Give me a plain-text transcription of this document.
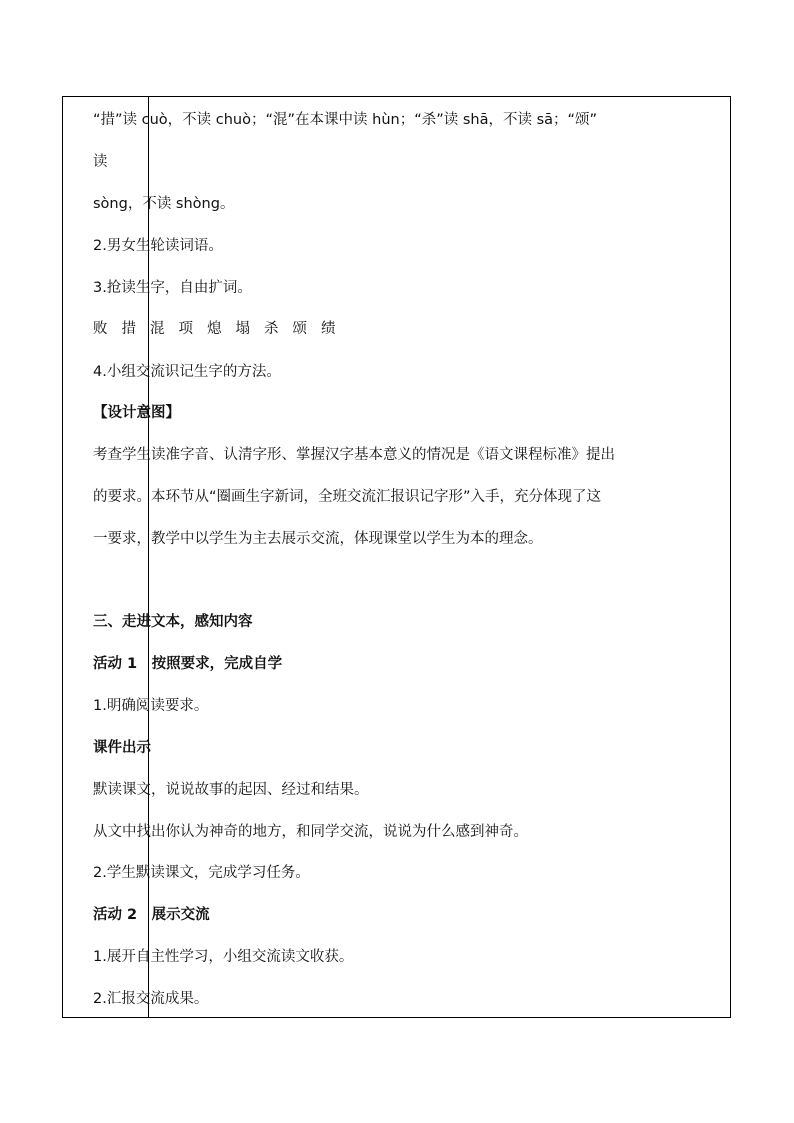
“措”读 cuò，不读 chuò；“混”在本课中读 hùn；“杀”读 shā，不读 sā；“颂”
读
sòng，不读 shòng。
2.男女生轮读词语。
3.抢读生字，自由扩词。
败 措 混 项 熄 塌 杀 颂 绩
4.小组交流识记生字的方法。
【设计意图】
考查学生读准字音、认清字形、掌握汉字基本意义的情况是《语文课程标准》提出
的要求。本环节从“圈画生字新词，全班交流汇报识记字形”入手，充分体现了这
一要求，教学中以学生为主去展示交流，体现课堂以学生为本的理念。
三、走进文本，感知内容
活动 1　按照要求，完成自学
1.明确阅读要求。
课件出示
默读课文，说说故事的起因、经过和结果。
从文中找出你认为神奇的地方，和同学交流，说说为什么感到神奇。
2.学生默读课文，完成学习任务。
活动 2　展示交流
1.展开自主性学习，小组交流读文收获。
2.汇报交流成果。
